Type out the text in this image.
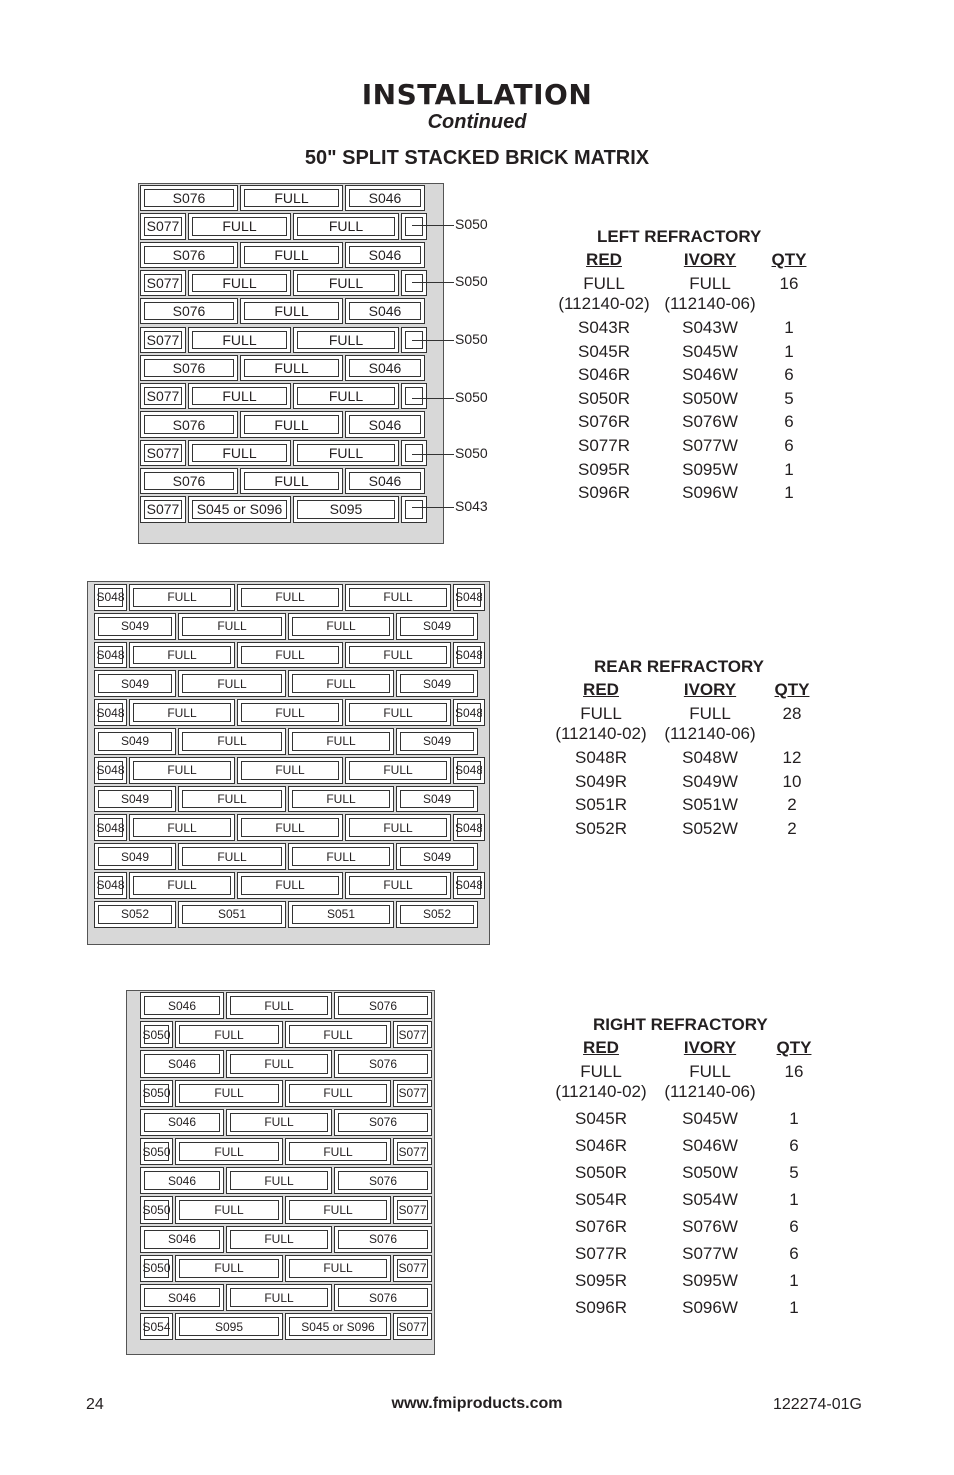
INSTALLATION
Continued
50" SPLIT STACKED BRICK MATRIX
S076	FULL	S046
S077	FULL	FULL
S076	FULL	S046
S077	FULL	FULL
S076	FULL	S046
S077	FULL	FULL
S076	FULL	S046
S077	FULL	FULL
S076	FULL	S046
S077	FULL	FULL
S076	FULL	S046
S077	S045 or S096	S095
S050
S050
S050
S050
S050
S043
S048	FULL	FULL	FULL	S048
S049	FULL	FULL	S049
S048	FULL	FULL	FULL	S048
S049	FULL	FULL	S049
S048	FULL	FULL	FULL	S048
S049	FULL	FULL	S049
S048	FULL	FULL	FULL	S048
S049	FULL	FULL	S049
S048	FULL	FULL	FULL	S048
S049	FULL	FULL	S049
S048	FULL	FULL	FULL	S048
S052	S051	S051	S052
S046	FULL	S076
S050	FULL	FULL	S077
S046	FULL	S076
S050	FULL	FULL	S077
S046	FULL	S076
S050	FULL	FULL	S077
S046	FULL	S076
S050	FULL	FULL	S077
S046	FULL	S076
S050	FULL	FULL	S077
S046	FULL	S076
S054	S095	S045 or S096	S077
LEFT REFRACTORY
RED	IVORY	QTY
FULL	FULL	16
(112140-02) (112140-06)
S043R	S043W	1
S045R	S045W	1
S046R	S046W	6
S050R	S050W	5
S076R	S076W	6
S077R	S077W	6
S095R	S095W	1
S096R	S096W	1
REAR REFRACTORY
RED	IVORY	QTY
FULL	FULL	28
(112140-02)	(112140-06)
S048R	S048W	12
S049R	S049W	10
S051R	S051W	2
S052R	S052W	2
RIGHT REFRACTORY
RED	IVORY	QTY
FULL	FULL	16
(112140-02)	(112140-06)
S045R	S045W	1
S046R	S046W	6
S050R	S050W	5
S054R	S054W	1
S076R	S076W	6
S077R	S077W	6
S095R	S095W	1
S096R	S096W	1
24	www.fmiproducts.com	122274-01G
